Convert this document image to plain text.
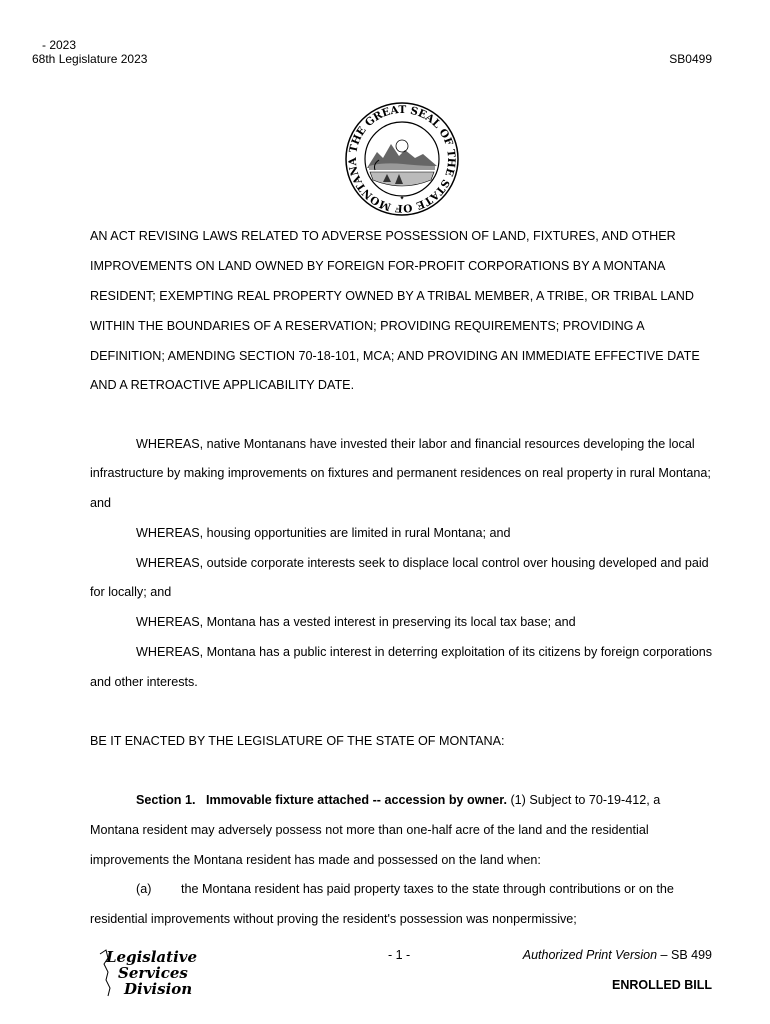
- 2023
68th Legislature 2023	SB0499
THE GREAT SEAL OF THE STATE OF MONTANA
✦
AN ACT REVISING LAWS RELATED TO ADVERSE POSSESSION OF LAND, FIXTURES, AND OTHER
IMPROVEMENTS ON LAND OWNED BY FOREIGN FOR-PROFIT CORPORATIONS BY A MONTANA
RESIDENT; EXEMPTING REAL PROPERTY OWNED BY A TRIBAL MEMBER, A TRIBE, OR TRIBAL LAND
WITHIN THE BOUNDARIES OF A RESERVATION; PROVIDING REQUIREMENTS; PROVIDING A
DEFINITION; AMENDING SECTION 70-18-101, MCA; AND PROVIDING AN IMMEDIATE EFFECTIVE DATE
AND A RETROACTIVE APPLICABILITY DATE.
WHEREAS, native Montanans have invested their labor and financial resources developing the local
infrastructure by making improvements on fixtures and permanent residences on real property in rural Montana;
and
WHEREAS, housing opportunities are limited in rural Montana; and
WHEREAS, outside corporate interests seek to displace local control over housing developed and paid
for locally; and
WHEREAS, Montana has a vested interest in preserving its local tax base; and
WHEREAS, Montana has a public interest in deterring exploitation of its citizens by foreign corporations
and other interests.
BE IT ENACTED BY THE LEGISLATURE OF THE STATE OF MONTANA:
Section 1. Immovable fixture attached -- accession by owner. (1) Subject to 70-19-412, a
Montana resident may adversely possess not more than one-half acre of the land and the residential
improvements the Montana resident has made and possessed on the land when:
(a) the Montana resident has paid property taxes to the state through contributions or on the
residential improvements without proving the resident's possession was nonpermissive;
Legislative
Services
Division
- 1 -	Authorized Print Version – SB 499
ENROLLED BILL
